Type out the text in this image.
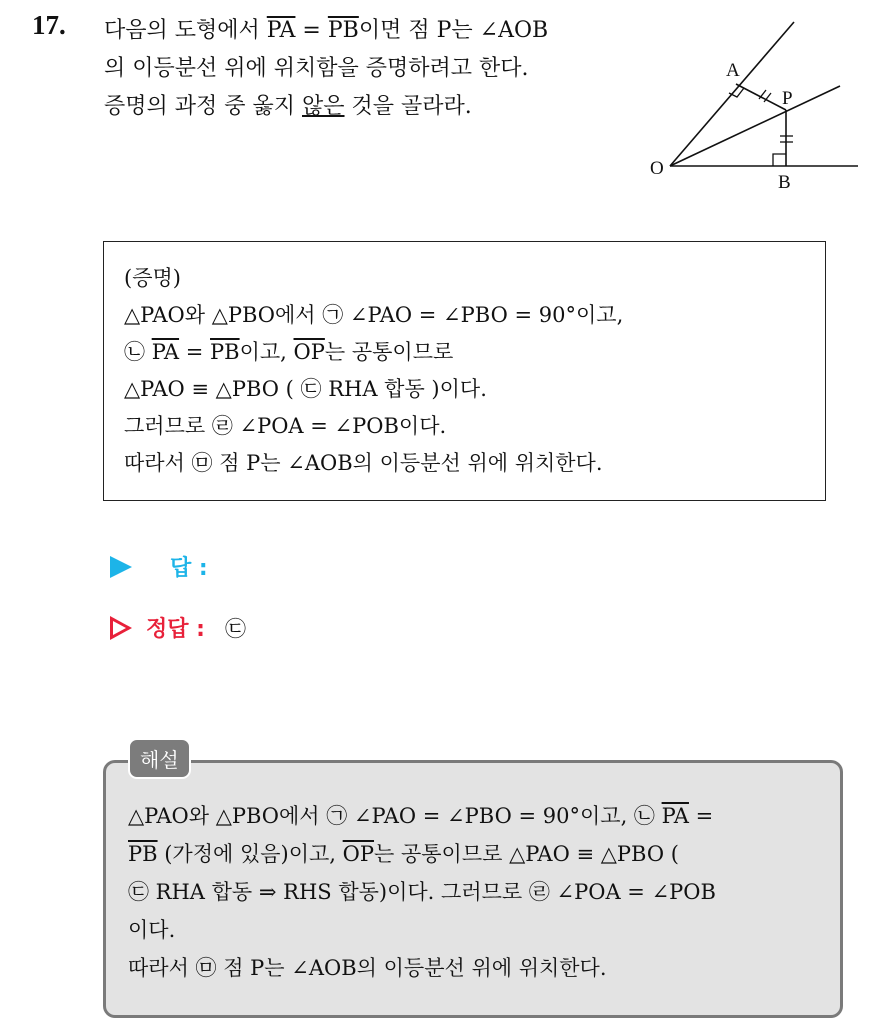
17. 다음의 도형에서 $\overline{PA} = \overline{PB}$이면 점 P는 ∠AOB
의 이등분선 위에 위치함을 증명하려고 한다.
증명의 과정 중 옳지 않은 것을 골라라.
A
P
O
B
(증명)
△PAO와 △PBO에서 ㉠ ∠PAO = ∠PBO = 90°이고,
㉡ $\overline{PA} = \overline{PB}$이고, $\overline{OP}$는 공통이므로
△PAO ≡ △PBO ( ㉢ RHA 합동 )이다.
그러므로 ㉣ ∠POA = ∠POB이다.
따라서 ㉤ 점 P는 ∠AOB의 이등분선 위에 위치한다.
답 :
정답 : ㉢
△PAO와 △PBO에서 ㉠ ∠PAO = ∠PBO = 90°이고, ㉡ $\overline{PA}$ =
$\overline{PB}$ (가정에 있음)이고, $\overline{OP}$는 공통이므로 △PAO ≡ △PBO (
㉢ RHA 합동 ⇒ RHS 합동)이다. 그러므로 ㉣ ∠POA = ∠POB
이다.
따라서 ㉤ 점 P는 ∠AOB의 이등분선 위에 위치한다.
해설
